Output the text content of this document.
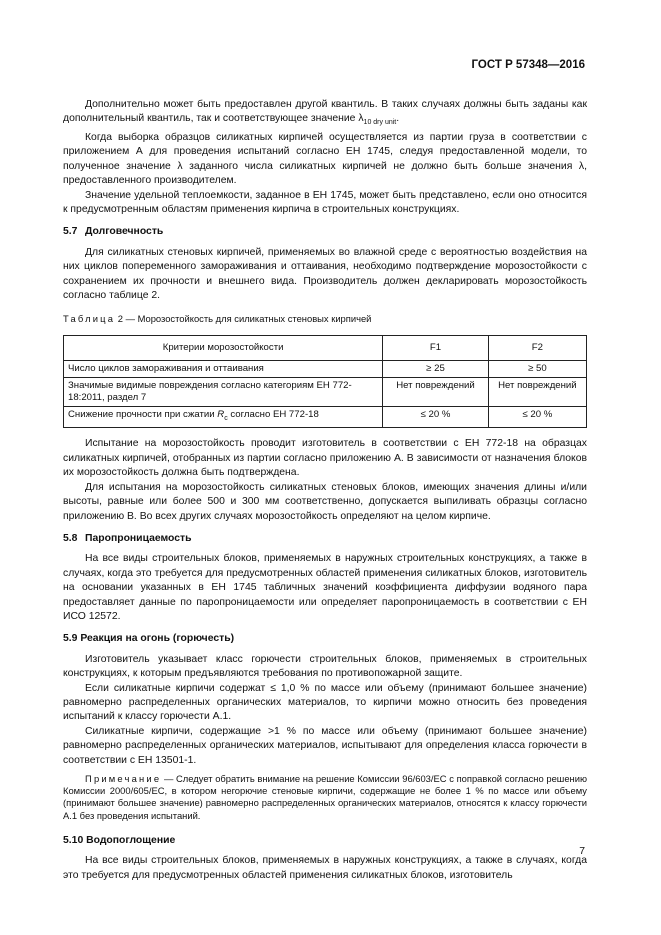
ГОСТ Р 57348—2016

Дополнительно может быть предоставлен другой квантиль. В таких случаях должны быть заданы как дополнительный квантиль, так и соответствующее значение $\lambda_{10 dry unit}$.

Когда выборка образцов силикатных кирпичей осуществляется из партии груза в соответствии с приложением А для проведения испытаний согласно ЕН 1745, следуя предоставленной модели, то полученное значение λ заданного числа силикатных кирпичей не должно быть больше значения λ, предоставленного производителем.

Значение удельной теплоемкости, заданное в ЕН 1745, может быть представлено, если оно относится к предусмотренным областям применения кирпича в строительных конструкциях.

5.7 Долговечность

Для силикатных стеновых кирпичей, применяемых во влажной среде с вероятностью воздействия на них циклов попеременного замораживания и оттаивания, необходимо подтверждение морозостойкости с сохранением их прочности и внешнего вида. Производитель должен декларировать морозостойкость согласно таблице 2.

Таблица 2 — Морозостойкость для силикатных стеновых кирпичей
Критерии морозостойкости	F1	F2
Число циклов замораживания и оттаивания	≥ 25	≥ 50
Значимые видимые повреждения согласно категориям ЕН 772-18:2011, раздел 7	Нет повреждений	Нет повреждений
Снижение прочности при сжатии $R_c$ согласно ЕН 772-18	≤ 20 %	≤ 20 %

Испытание на морозостойкость проводит изготовитель в соответствии с ЕН 772-18 на образцах силикатных кирпичей, отобранных из партии согласно приложению А. В зависимости от назначения блоков их морозостойкость должна быть подтверждена.

Для испытания на морозостойкость силикатных стеновых блоков, имеющих значения длины и/или высоты, равные или более 500 и 300 мм соответственно, допускается выпиливать образцы согласно приложению В. Во всех других случаях морозостойкость определяют на целом кирпиче.

5.8 Паропроницаемость

На все виды строительных блоков, применяемых в наружных строительных конструкциях, а также в случаях, когда это требуется для предусмотренных областей применения силикатных блоков, изготовитель на основании указанных в ЕН 1745 табличных значений коэффициента диффузии водяного пара предоставляет данные по паропроницаемости или определяет паропроницаемость в соответствии с ЕН ИСО 12572.

5.9 Реакция на огонь (горючесть)

Изготовитель указывает класс горючести строительных блоков, применяемых в строительных конструкциях, к которым предъявляются требования по противопожарной защите.

Если силикатные кирпичи содержат ≤ 1,0 % по массе или объему (принимают большее значение) равномерно распределенных органических материалов, то кирпичи можно относить без проведения испытаний к классу горючести А.1.

Силикатные кирпичи, содержащие >1 % по массе или объему (принимают большее значение) равномерно распределенных органических материалов, испытывают для определения класса горючести в соответствии с ЕН 13501-1.

Примечание — Следует обратить внимание на решение Комиссии 96/603/ЕС с поправкой согласно решению Комиссии 2000/605/ЕС, в котором негорючие стеновые кирпичи, содержащие не более 1 % по массе или объему (принимают большее значение) равномерно распределенных органических материалов, относятся к классу горючести А.1 без проведения испытаний.
5.10 Водопоглощение

На все виды строительных блоков, применяемых в наружных конструкциях, а также в случаях, когда это требуется для предусмотренных областей применения силикатных блоков, изготовитель

7
